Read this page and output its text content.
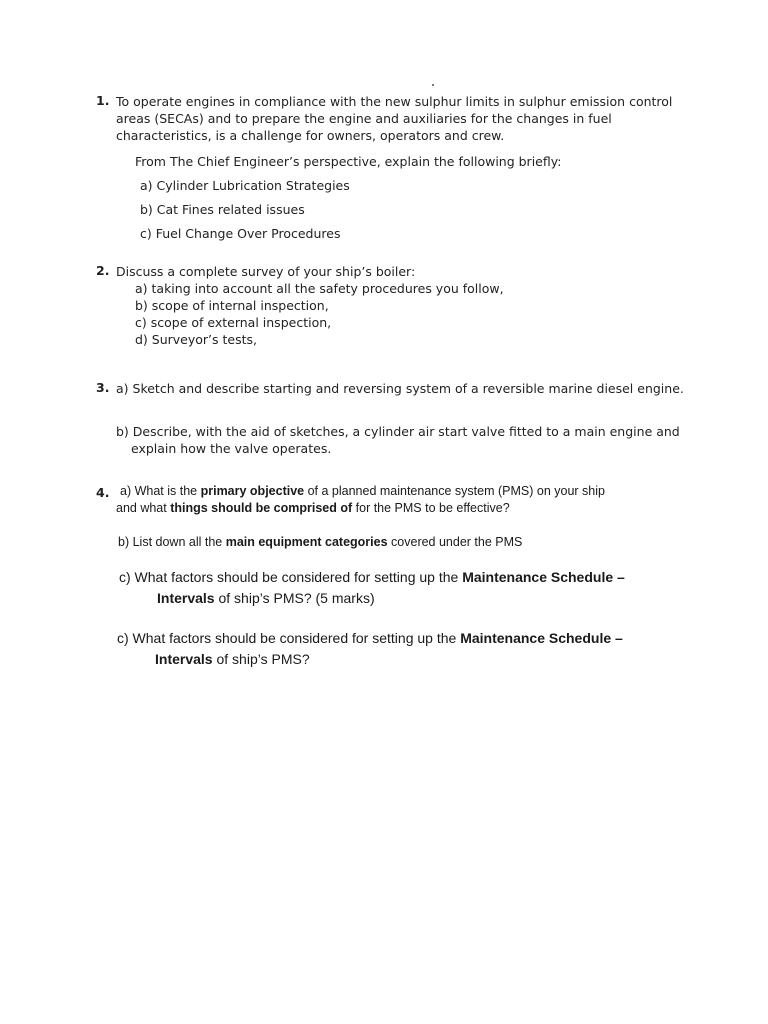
1. To operate engines in compliance with the new sulphur limits in sulphur emission control
areas (SECAs) and to prepare the engine and auxiliaries for the changes in fuel
characteristics, is a challenge for owners, operators and crew.
From The Chief Engineer’s perspective, explain the following briefly:
a) Cylinder Lubrication Strategies
b) Cat Fines related issues
c) Fuel Change Over Procedures
2. Discuss a complete survey of your ship’s boiler:
a) taking into account all the safety procedures you follow,
b) scope of internal inspection,
c) scope of external inspection,
d) Surveyor’s tests,
3. a) Sketch and describe starting and reversing system of a reversible marine diesel engine.
b) Describe, with the aid of sketches, a cylinder air start valve fitted to a main engine and
explain how the valve operates.
4. a) What is the primary objective of a planned maintenance system (PMS) on your ship
and what things should be comprised of for the PMS to be effective?
b) List down all the main equipment categories covered under the PMS
c) What factors should be considered for setting up the Maintenance Schedule –
Intervals of ship’s PMS? (5 marks)
c) What factors should be considered for setting up the Maintenance Schedule –
Intervals of ship’s PMS?
